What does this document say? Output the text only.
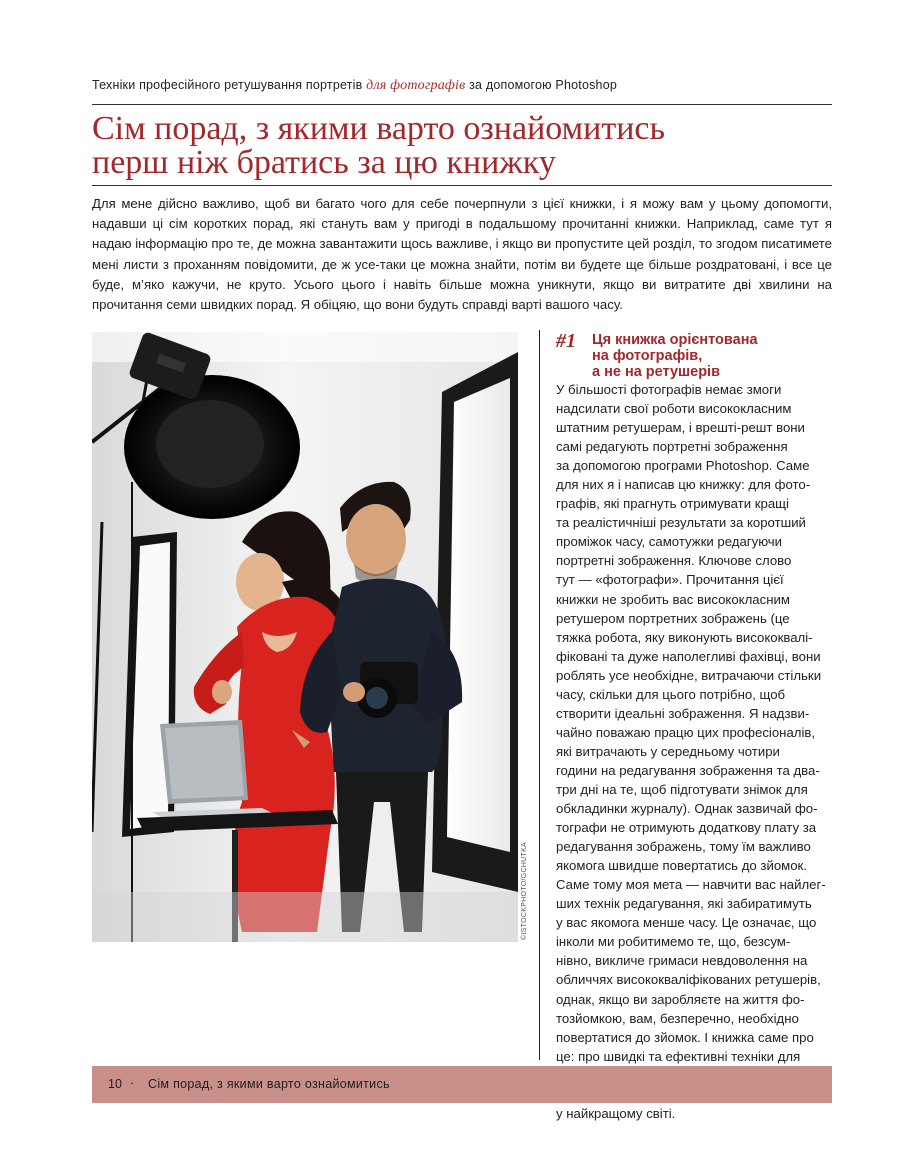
Техніки професійного ретушування портретів для фотографів за допомогою Photoshop
Сім порад, з якими варто ознайомитись
перш ніж братись за цю книжку

Для мене дійсно важливо, щоб ви багато чого для себе почерпнули з цієї книжки, і я можу вам у цьому допомогти, надавши ці сім коротких порад, які стануть вам у пригоді в подальшому прочитанні книжки. Наприклад, саме тут я надаю інформацію про те, де можна завантажити щось важливе, і якщо ви пропустите цей розділ, то згодом писатимете мені листи з проханням повідомити, де ж усе-таки це можна знайти, потім ви будете ще більше роздратовані, і все це буде, м’яко кажучи, не круто. Усього цього і навіть більше можна уникнути, якщо ви витратите дві хвилини на прочитання семи швидких порад. Я обіцяю, що вони будуть справді варті вашого часу.

©ISTOCKPHOTO/GCHUTKA
#1 Ця книжка орієнтована
на фотографів,
а не на ретушерів
У більшості фотографів немає змоги
надсилати свої роботи висококласним
штатним ретушерам, і врешті-решт вони
самі редагують портретні зображення
за допомогою програми Photoshop. Саме
для них я і написав цю книжку: для фото-
графів, які прагнуть отримувати кращі
та реалістичніші результати за коротший
проміжок часу, самотужки редагуючи
портретні зображення. Ключове слово
тут — «фотографи». Прочитання цієї
книжки не зробить вас висококласним
ретушером портретних зображень (це
тяжка робота, яку виконують висококвалі-
фіковані та дуже наполегливі фахівці, вони
роблять усе необхідне, витрачаючи стільки
часу, скільки для цього потрібно, щоб
створити ідеальні зображення. Я надзви-
чайно поважаю працю цих професіоналів,
які витрачають у середньому чотири
години на редагування зображення та два-
три дні на те, щоб підготувати знімок для
обкладинки журналу). Однак зазвичай фо-
тографи не отримують додаткову плату за
редагування зображень, тому їм важливо
якомога швидше повертатись до зйомок.
Саме тому моя мета — навчити вас найлег-
ших технік редагування, які забиратимуть
у вас якомога менше часу. Це означає, що
інколи ми робитимемо те, що, безсум-
нівно, викличе гримаси невдоволення на
обличчях висококваліфікованих ретушерів,
однак, якщо ви заробляєте на життя фо-
тозйомкою, вам, безперечно, необхідно
повертатися до зйомок. І книжка саме про
це: про швидкі та ефективні техніки для
у найкращому світі.
10 · Сім порад, з якими варто ознайомитись
